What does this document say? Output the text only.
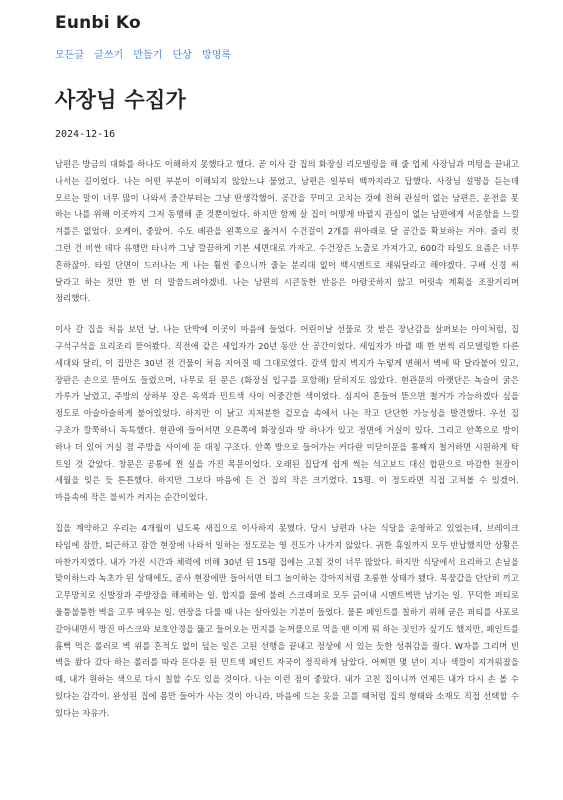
Eunbi Ko
모든글 글쓰기 만들기 단상 방명록
사장님 수집가

2024-12-16

남편은 방금의 대화를 하나도 이해하지 못했다고 했다. 곧 이사 갈 집의 화장실 리모델링을 해 줄 업체 사장님과 미팅을 끝내고 나서는 길이었다. 나는 어떤 부분이 이해되지 않았느냐 물었고, 남편은 일부터 백까지라고 답했다. 사장님 설명을 듣는데 모르는 말이 너무 많이 나와서 중간부터는 그냥 딴생각했어. 공간을 꾸미고 고치는 것에 전혀 관심이 없는 남편은, 운전을 못 하는 나를 위해 이곳까지 그저 동행해 준 것뿐이었다. 하지만 함께 살 집이 어떻게 바뀔지 관심이 없는 남편에게 서운함을 느낄 겨를은 없었다. 오케이, 좋았어. 수도 배관을 왼쪽으로 옮겨서 수건걸이 2개를 위아래로 달 공간을 확보하는 거야. 줄리 컷 그런 건 비싼 데다 유행만 타니까 그냥 깔끔하게 기본 세면대로 가자고. 수건장은 노출로 가져가고, 600각 타일도 요즘은 너무 흔하잖아. 타일 단면이 드러나는 게 나는 훨씬 좋으니까 줄눈 분리대 없이 백시멘트로 채워달라고 해야겠다. 구배 신경 써 달라고 하는 것만 한 번 더 말씀드려야겠네. 나는 남편의 시큰둥한 반응은 아랑곳하지 않고 머릿속 계획을 조잘거리며 정리했다.

이사 갈 집을 처음 보던 날, 나는 단박에 이곳이 마음에 들었다. 어린이날 선물로 갓 받은 장난감을 살펴보는 아이처럼, 집 구석구석을 요리조리 뜯어봤다. 직전에 같은 세입자가 20년 동안 산 공간이었다. 세입자가 바뀔 때 한 번씩 리모델링한 다른 세대와 달리, 이 집만은 30년 전 건물이 처음 지어질 때 그대로였다. 갈색 합지 벽지가 누렇게 변해서 벽에 딱 달라붙어 있고, 장판은 손으로 뜯어도 들렸으며, 나무로 된 문은 (화장실 입구를 포함해) 닫히지도 않았다. 현관문의 아랫단은 녹슬어 굵은 가루가 날렸고, 주방의 상하부 장은 옥색과 민트색 사이 어중간한 색이었다. 심지어 흔들어 뜯으면 철거가 가능하겠다 싶을 정도로 아슬아슬하게 붙어있었다. 하지만 이 낡고 지저분한 겉모습 속에서 나는 작고 단단한 가능성을 발견했다. 우선 집 구조가 깔쭉하니 독특했다. 현관에 들어서면 오른쪽에 화장실과 방 하나가 있고 정면에 거실이 있다. 그리고 안쪽으로 방이 하나 더 있어 거실 겸 주방을 사이에 둔 대칭 구조다. 안쪽 방으로 들어가는 커다란 미닫이문을 통째지 철거하면 시원하게 탁 트일 것 같았다. 창문은 공통에 쩐 실을 가진 목문이었다. 오래된 집답게 쉽게 썩는 석고보드 대신 합판으로 마감한 천장이 세월을 잊은 듯 튼튼했다. 하지만 그보다 마음에 든 건 집의 작은 크기였다. 15평. 이 정도라면 직접 고쳐볼 수 있겠어. 마음속에 작은 불씨가 켜지는 순간이었다.

집을 계약하고 우리는 4개월이 넘도록 새집으로 이사하지 못했다. 당시 남편과 나는 식당을 운영하고 있었는데, 브레이크 타임에 잠깐, 퇴근하고 잠깐 현장에 나와서 일하는 정도로는 영 진도가 나가지 않았다. 귀한 휴일까지 모두 반납했지만 상황은 마찬가지였다. 내가 가진 시간과 체력에 비해 30년 된 15평 집에는 고칠 것이 너무 많았다. 하지만 식당에서 요리하고 손님을 맞이하느라 녹초가 된 상태에도, 공사 현장에만 들어서면 터그 놀이하는 강아지처럼 초롱한 상태가 됐다. 목장갑을 단단히 끼고 고무망치로 신발장과 주방장을 해체하는 일. 합지를 물에 불려 스크래퍼로 모두 긁어내 시멘트벽만 남기는 일. 꾸덕한 퍼티로 울퉁불퉁한 벽을 고루 메우는 일. 연장을 다룰 때 나는 살아있는 기분이 들었다. 물론 페인트를 칠하기 위해 굳은 퍼티를 사포로 갈아내면서 방진 마스크와 보호안경을 뚫고 들어오는 먼지를 눈꺼풀으로 먹을 땐 이게 뭐 하는 짓인가 싶기도 했지만, 페인트를 흠뻑 먹은 롤러로 벽 위를 흔적도 없이 덮는 일은 고된 선행을 끝내고 정상에 서 있는 듯한 성취감을 줬다. W자를 그리며 빈 벽을 왔다 갔다 하는 롤러를 따라 돈다운 된 민트색 페인트 자국이 정직하게 남았다. 어쩌면 몇 년이 지나 색깔이 지겨워졌을 때, 내가 원하는 색으로 다시 칠할 수도 있을 것이다. 나는 이런 점이 좋았다. 내가 고친 집이니까 언제든 내가 다시 손 볼 수 있다는 감각이. 완성된 집에 몸만 들어가 사는 것이 아니라, 마음에 드는 옷을 고를 때처럼 집의 형태와 소재도 직접 선택할 수 있다는 자유가.
